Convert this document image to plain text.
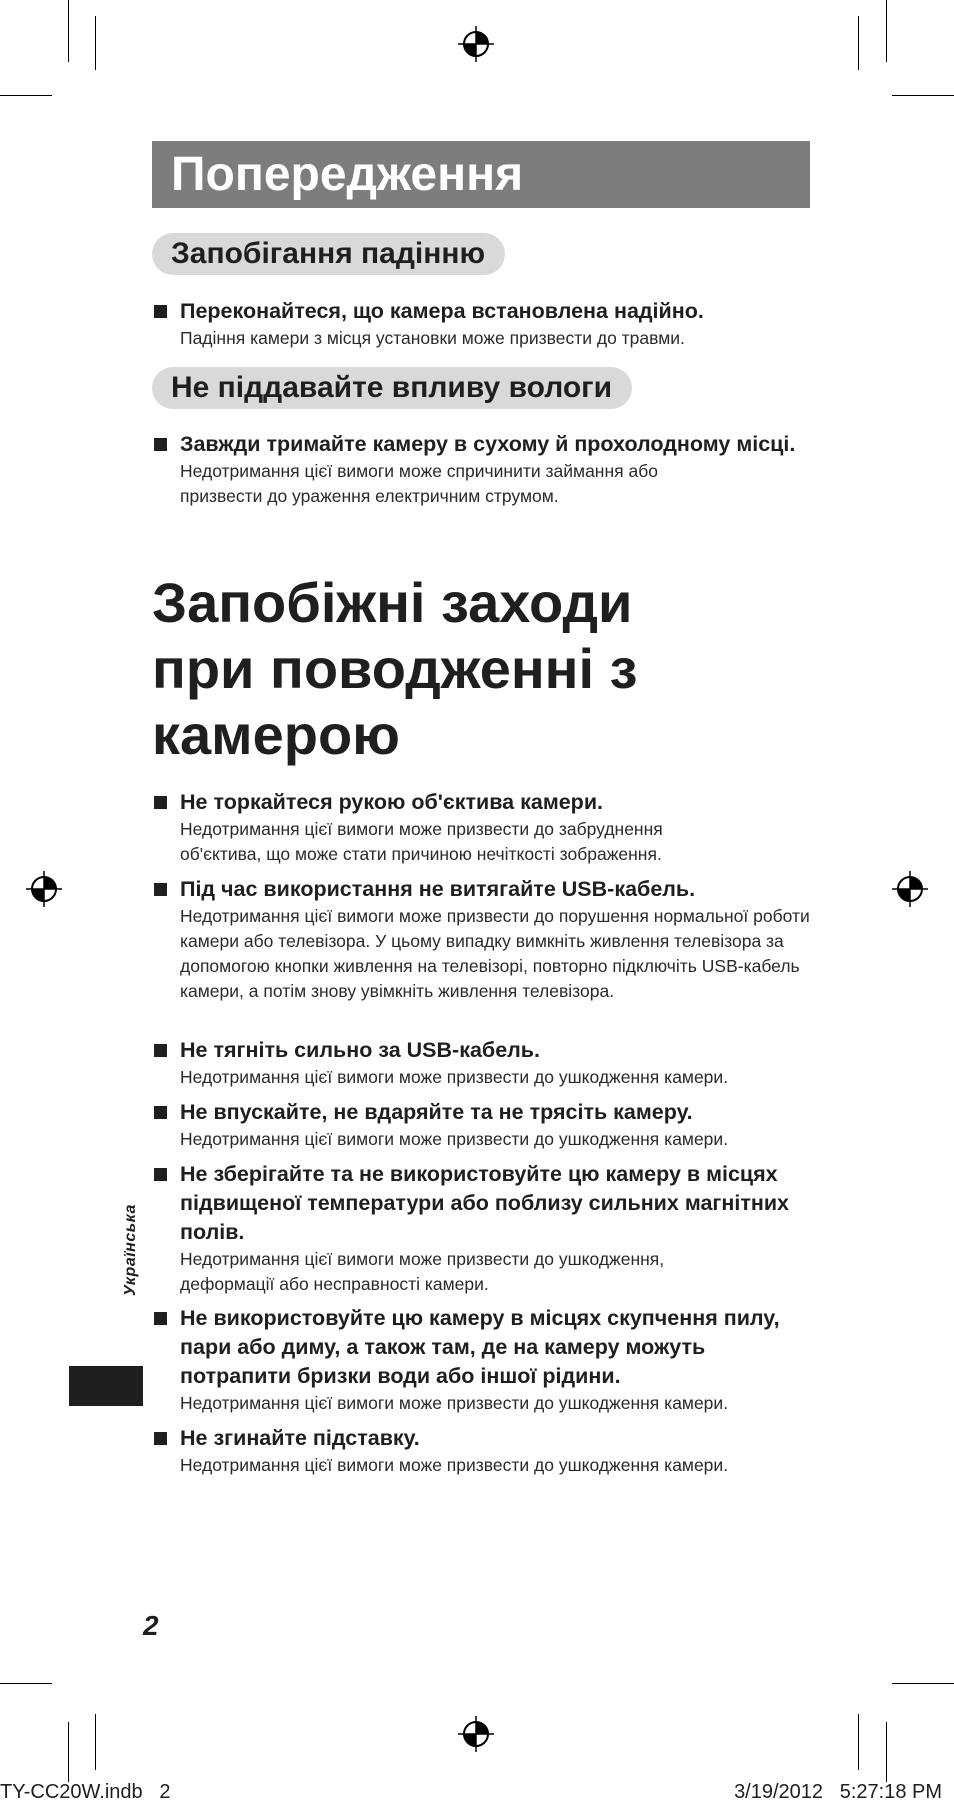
Попередження
Запобігання падінню
Переконайтеся, що камера встановлена надійно.
Падіння камери з місця установки може призвести до травми.
Не піддавайте впливу вологи
Завжди тримайте камеру в сухому й прохолодному місці.
Недотримання цієї вимоги може спричинити займання або призвести до ураження електричним струмом.
Запобіжні заходи
при поводженні з
камерою
Не торкайтеся рукою об'єктива камери.
Недотримання цієї вимоги може призвести до забруднення об'єктива, що може стати причиною нечіткості зображення.
Під час використання не витягайте USB-кабель.
Недотримання цієї вимоги може призвести до порушення нормальної роботи камери або телевізора. У цьому випадку вимкніть живлення телевізора за допомогою кнопки живлення на телевізорі, повторно підключіть USB-кабель камери, а потім знову увімкніть живлення телевізора.
Не тягніть сильно за USB-кабель.
Недотримання цієї вимоги може призвести до ушкодження камери.
Не впускайте, не вдаряйте та не трясіть камеру.
Недотримання цієї вимоги може призвести до ушкодження камери.
Не зберігайте та не використовуйте цю камеру в місцях підвищеної температури або поблизу сильних магнітних полів.
Недотримання цієї вимоги може призвести до ушкодження, деформації або несправності камери.
Не використовуйте цю камеру в місцях скупчення пилу, пари або диму, а також там, де на камеру можуть потрапити бризки води або іншої рідини.
Недотримання цієї вимоги може призвести до ушкодження камери.
Не згинайте підставку.
Недотримання цієї вимоги може призвести до ушкодження камери.
Українська
2
TY-CC20W.indb   2	3/19/2012   5:27:18 PM
